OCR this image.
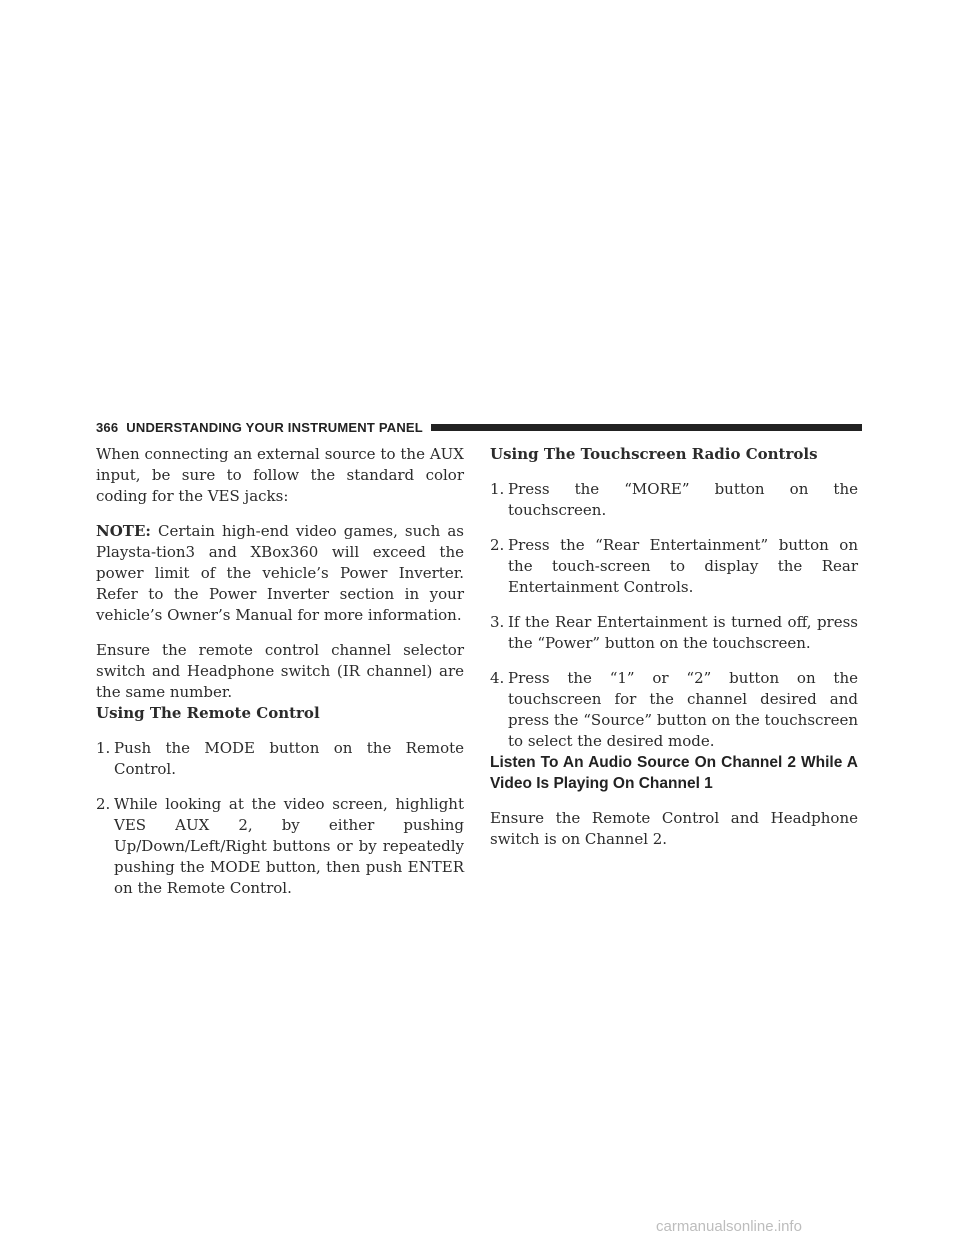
366 UNDERSTANDING YOUR INSTRUMENT PANEL

When connecting an external source to the AUX input, be sure to follow the standard color coding for the VES jacks:

NOTE: Certain high-end video games, such as Playsta-tion3 and XBox360 will exceed the power limit of the vehicle’s Power Inverter. Refer to the Power Inverter section in your vehicle’s Owner’s Manual for more information.

Ensure the remote control channel selector switch and Headphone switch (IR channel) are the same number.

Using The Remote Control

1. Push the MODE button on the Remote Control.
2. While looking at the video screen, highlight VES AUX 2, by either pushing Up/Down/Left/Right buttons or by repeatedly pushing the MODE button, then push ENTER on the Remote Control.

Using The Touchscreen Radio Controls

1. Press the “MORE” button on the touchscreen.
2. Press the “Rear Entertainment” button on the touch-screen to display the Rear Entertainment Controls.
3. If the Rear Entertainment is turned off, press the “Power” button on the touchscreen.
4. Press the “1” or “2” button on the touchscreen for the channel desired and press the “Source” button on the touchscreen to select the desired mode.

Listen To An Audio Source On Channel 2 While A Video Is Playing On Channel 1

Ensure the Remote Control and Headphone switch is on Channel 2.

carmanualsonline.info
